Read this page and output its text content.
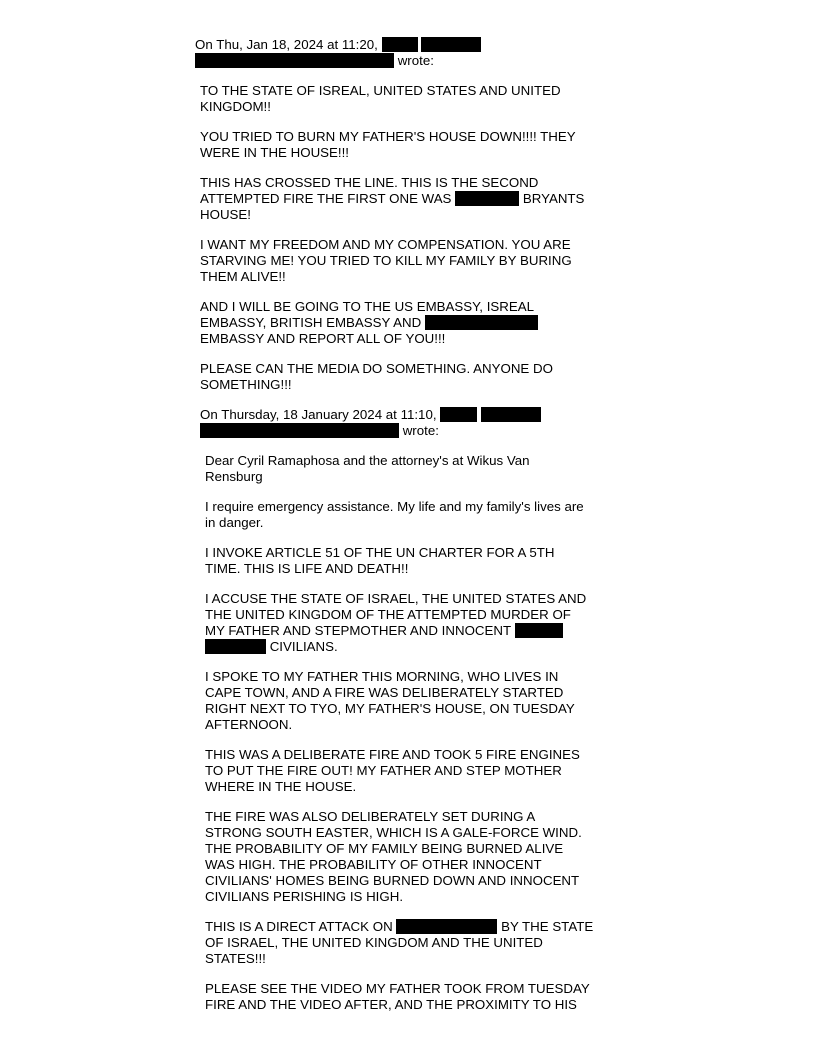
On Thu, Jan 18, 2024 at 11:20,
wrote:

TO THE STATE OF ISREAL, UNITED STATES AND UNITED
KINGDOM!!

YOU TRIED TO BURN MY FATHER'S HOUSE DOWN!!!! THEY
WERE IN THE HOUSE!!!

THIS HAS CROSSED THE LINE. THIS IS THE SECOND
ATTEMPTED FIRE THE FIRST ONE WAS	BRYANTS
HOUSE!

I WANT MY FREEDOM AND MY COMPENSATION. YOU ARE
STARVING ME! YOU TRIED TO KILL MY FAMILY BY BURING
THEM ALIVE!!

AND I WILL BE GOING TO THE US EMBASSY, ISREAL
EMBASSY, BRITISH EMBASSY AND
EMBASSY AND REPORT ALL OF YOU!!!

PLEASE CAN THE MEDIA DO SOMETHING. ANYONE DO
SOMETHING!!!

On Thursday, 18 January 2024 at 11:10,
wrote:

Dear Cyril Ramaphosa and the attorney's at Wikus Van
Rensburg

I require emergency assistance. My life and my family's lives are
in danger.

I INVOKE ARTICLE 51 OF THE UN CHARTER FOR A 5TH
TIME. THIS IS LIFE AND DEATH!!

I ACCUSE THE STATE OF ISRAEL, THE UNITED STATES AND
THE UNITED KINGDOM OF THE ATTEMPTED MURDER OF
MY FATHER AND STEPMOTHER AND INNOCENT
CIVILIANS.

I SPOKE TO MY FATHER THIS MORNING, WHO LIVES IN
CAPE TOWN, AND A FIRE WAS DELIBERATELY STARTED
RIGHT NEXT TO TYO, MY FATHER'S HOUSE, ON TUESDAY
AFTERNOON.

THIS WAS A DELIBERATE FIRE AND TOOK 5 FIRE ENGINES
TO PUT THE FIRE OUT! MY FATHER AND STEP MOTHER
WHERE IN THE HOUSE.

THE FIRE WAS ALSO DELIBERATELY SET DURING A
STRONG SOUTH EASTER, WHICH IS A GALE-FORCE WIND.
THE PROBABILITY OF MY FAMILY BEING BURNED ALIVE
WAS HIGH. THE PROBABILITY OF OTHER INNOCENT
CIVILIANS' HOMES BEING BURNED DOWN AND INNOCENT
CIVILIANS PERISHING IS HIGH.

THIS IS A DIRECT ATTACK ON	BY THE STATE
OF ISRAEL, THE UNITED KINGDOM AND THE UNITED
STATES!!!

PLEASE SEE THE VIDEO MY FATHER TOOK FROM TUESDAY
FIRE AND THE VIDEO AFTER, AND THE PROXIMITY TO HIS
